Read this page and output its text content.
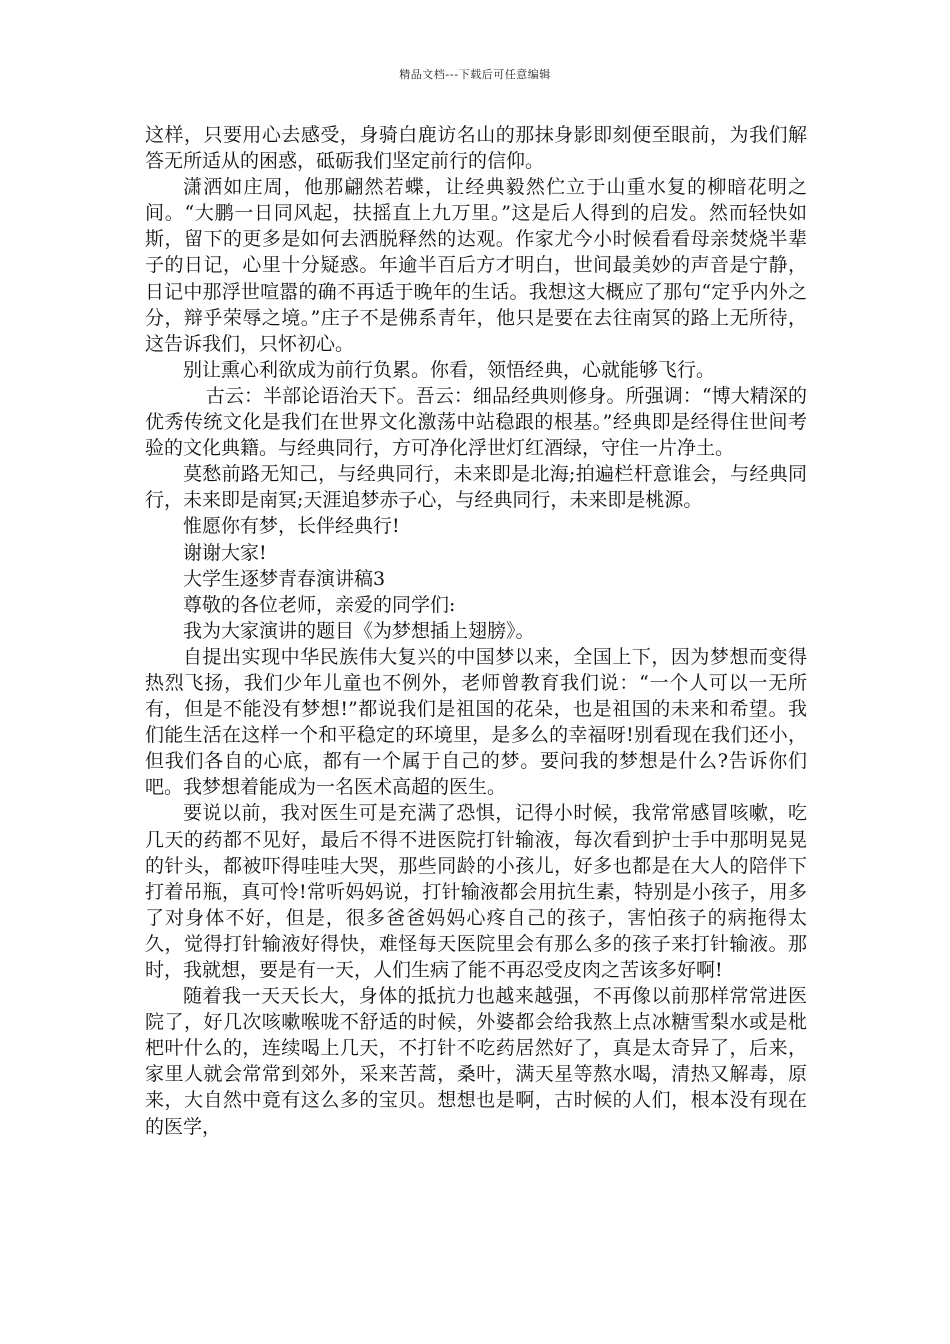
精品文档---下载后可任意编辑

这样，只要用心去感受，身骑白鹿访名山的那抹身影即刻便至眼前，为我们解答无所适从的困惑，砥砺我们坚定前行的信仰。

潇洒如庄周，他那翩然若蝶，让经典毅然伫立于山重水复的柳暗花明之间。“大鹏一日同风起，扶摇直上九万里。”这是后人得到的启发。然而轻快如斯，留下的更多是如何去洒脱释然的达观。作家尤今小时候看看母亲焚烧半辈子的日记，心里十分疑惑。年逾半百后方才明白，世间最美妙的声音是宁静，日记中那浮世喧嚣的确不再适于晚年的生话。我想这大概应了那句“定乎内外之分，辩乎荣辱之境。”庄子不是佛系青年，他只是要在去往南冥的路上无所待，这告诉我们，只怀初心。

别让熏心利欲成为前行负累。你看，领悟经典，心就能够飞行。

古云：半部论语治天下。吾云：细品经典则修身。所强调：“博大精深的优秀传统文化是我们在世界文化激荡中站稳跟的根基。”经典即是经得住世间考验的文化典籍。与经典同行，方可净化浮世灯红酒绿，守住一片净土。

莫愁前路无知己，与经典同行，未来即是北海;拍遍栏杆意谁会，与经典同行，未来即是南冥;天涯追梦赤子心，与经典同行，未来即是桃源。

惟愿你有梦，长伴经典行!

谢谢大家!

大学生逐梦青春演讲稿3

尊敬的各位老师，亲爱的同学们:

我为大家演讲的题目《为梦想插上翅膀》。

自提出实现中华民族伟大复兴的中国梦以来，全国上下，因为梦想而变得热烈飞扬，我们少年儿童也不例外，老师曾教育我们说：“一个人可以一无所有，但是不能没有梦想!”都说我们是祖国的花朵，也是祖国的未来和希望。我们能生活在这样一个和平稳定的环境里，是多么的幸福呀!别看现在我们还小，但我们各自的心底，都有一个属于自己的梦。要问我的梦想是什么?告诉你们吧。我梦想着能成为一名医术高超的医生。

要说以前，我对医生可是充满了恐惧，记得小时候，我常常感冒咳嗽，吃几天的药都不见好，最后不得不进医院打针输液，每次看到护士手中那明晃晃的针头，都被吓得哇哇大哭，那些同龄的小孩儿，好多也都是在大人的陪伴下打着吊瓶，真可怜!常听妈妈说，打针输液都会用抗生素，特别是小孩子，用多了对身体不好，但是，很多爸爸妈妈心疼自己的孩子，害怕孩子的病拖得太久，觉得打针输液好得快，难怪每天医院里会有那么多的孩子来打针输液。那时，我就想，要是有一天，人们生病了能不再忍受皮肉之苦该多好啊!

随着我一天天长大，身体的抵抗力也越来越强，不再像以前那样常常进医院了，好几次咳嗽喉咙不舒适的时候，外婆都会给我熬上点冰糖雪梨水或是枇杷叶什么的，连续喝上几天，不打针不吃药居然好了，真是太奇异了，后来，家里人就会常常到郊外，采来苦蒿，桑叶，满天星等熬水喝，清热又解毒，原来，大自然中竟有这么多的宝贝。想想也是啊，古时候的人们，根本没有现在的医学，
